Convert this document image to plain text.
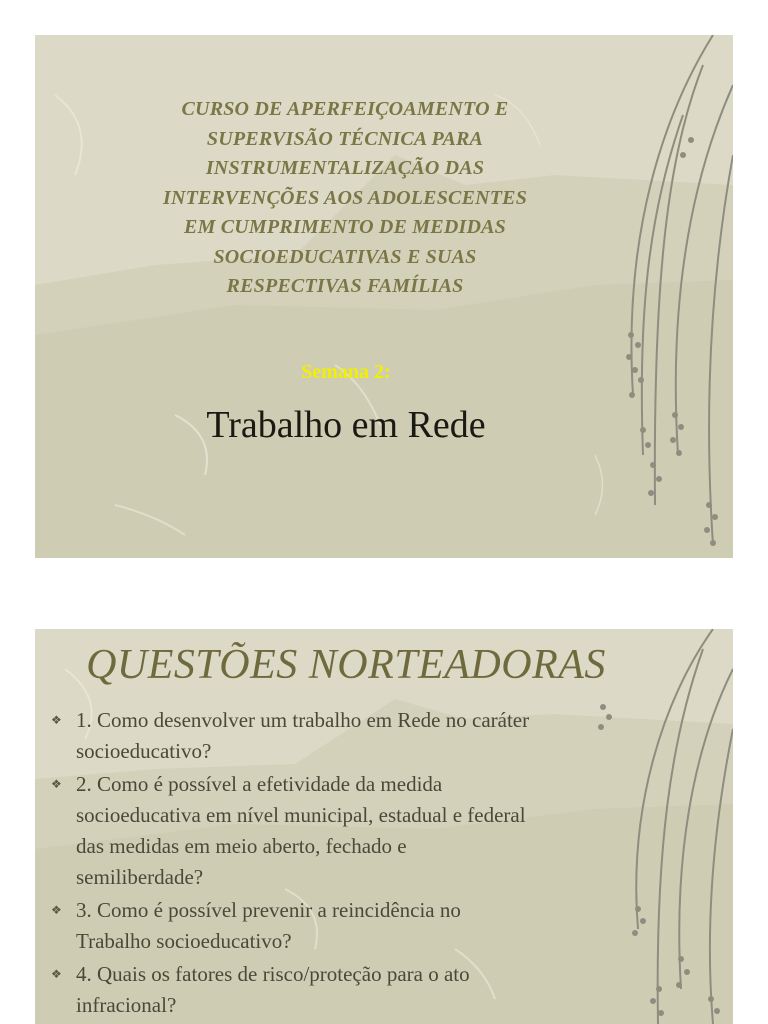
CURSO DE APERFEIÇOAMENTO E
SUPERVISÃO TÉCNICA PARA
INSTRUMENTALIZAÇÃO DAS
INTERVENÇÕES AOS ADOLESCENTES
EM CUMPRIMENTO DE MEDIDAS
SOCIOEDUCATIVAS E SUAS
RESPECTIVAS FAMÍLIAS
Semana 2:
Trabalho em Rede
QUESTÕES NORTEADORAS
❖ 1. Como desenvolver um trabalho em Rede no caráter
socioeducativo?
❖ 2. Como é possível a efetividade da medida
socioeducativa em nível municipal, estadual e federal
das medidas em meio aberto, fechado e
semiliberdade?
❖ 3. Como é possível prevenir a reincidência no
Trabalho socioeducativo?
❖ 4. Quais os fatores de risco/proteção para o ato
infracional?
